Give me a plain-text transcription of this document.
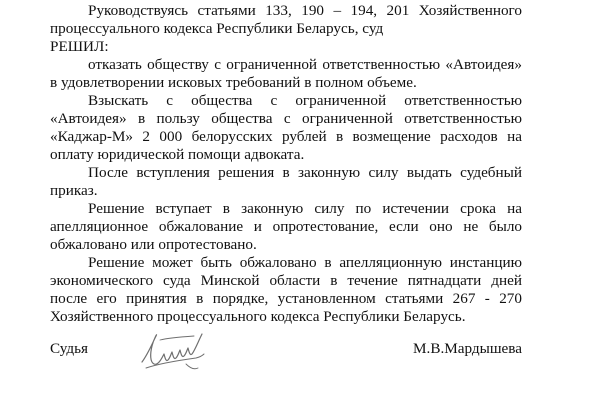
Руководствуясь статьями 133, 190 – 194, 201 Хозяйственного
процессуального кодекса Республики Беларусь, суд
РЕШИЛ:
отказать обществу с ограниченной ответственностью «Автоидея»
в удовлетворении исковых требований в полном объеме.
Взыскать с общества с ограниченной ответственностью
«Автоидея» в пользу общества с ограниченной ответственностью
«Каджар-М» 2 000 белорусских рублей в возмещение расходов на
оплату юридической помощи адвоката.
После вступления решения в законную силу выдать судебный
приказ.
Решение вступает в законную силу по истечении срока на
апелляционное обжалование и опротестование, если оно не было
обжаловано или опротестовано.
Решение может быть обжаловано в апелляционную инстанцию
экономического суда Минской области в течение пятнадцати дней
после его принятия в порядке, установленном статьями 267 - 270
Хозяйственного процессуального кодекса Республики Беларусь.
Судья	М.В.Мардышева
